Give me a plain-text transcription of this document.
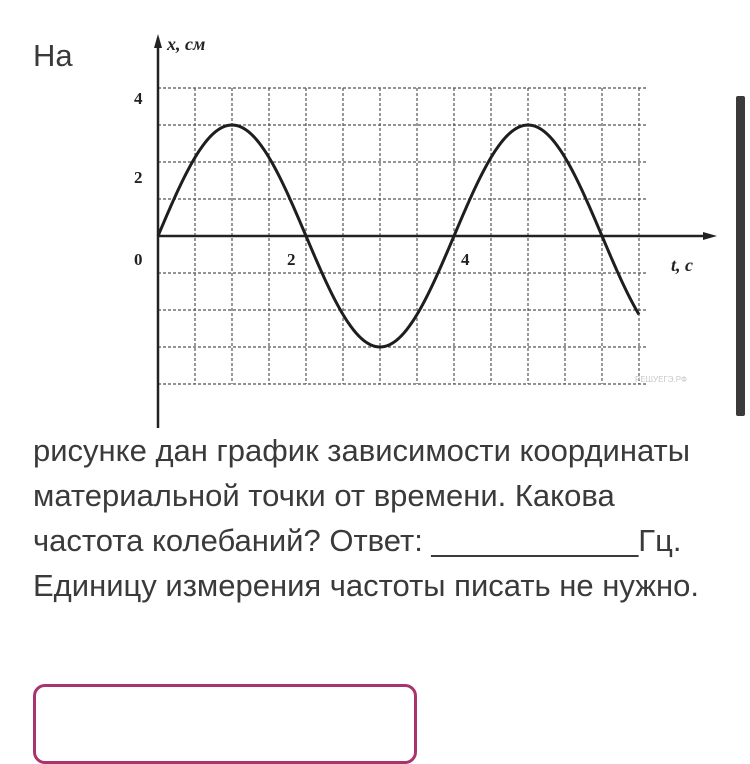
На
4
2
0	2	4
x, см
t, с
РЕШУЕГЭ.РФ
рисунке дан график зависимости координаты
материальной точки от времени. Какова
частота колебаний? Ответ: ____________Гц.
Единицу измерения частоты писать не нужно.
